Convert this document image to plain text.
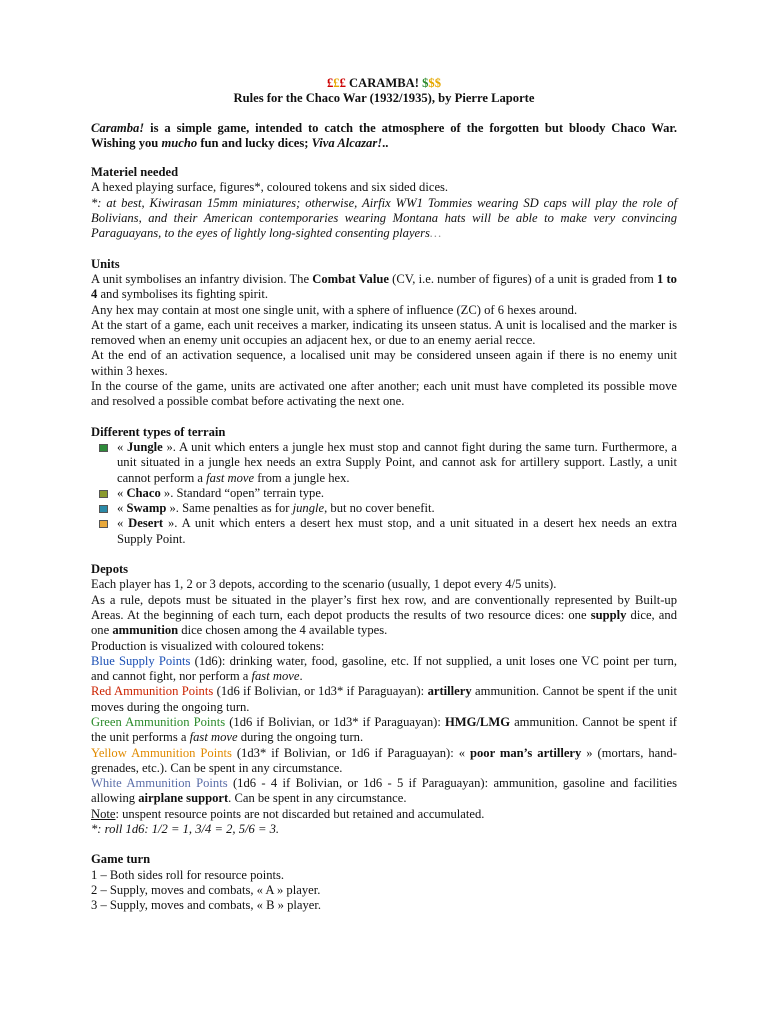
£££ CARAMBA! $$$
Rules for the Chaco War (1932/1935), by Pierre Laporte

Caramba! is a simple game, intended to catch the atmosphere of the forgotten but bloody Chaco War. Wishing you mucho fun and lucky dices; Viva Alcazar!..

Materiel needed

A hexed playing surface, figures*, coloured tokens and six sided dices.

*: at best, Kiwirasan 15mm miniatures; otherwise, Airfix WW1 Tommies wearing SD caps will play the role of Bolivians, and their American contemporaries wearing Montana hats will be able to make very convincing Paraguayans, to the eyes of lightly long-sighted consenting players…

Units

A unit symbolises an infantry division. The Combat Value (CV, i.e. number of figures) of a unit is graded from 1 to 4 and symbolises its fighting spirit.

Any hex may contain at most one single unit, with a sphere of influence (ZC) of 6 hexes around.

At the start of a game, each unit receives a marker, indicating its unseen status. A unit is localised and the marker is removed when an enemy unit occupies an adjacent hex, or due to an enemy aerial recce.

At the end of an activation sequence, a localised unit may be considered unseen again if there is no enemy unit within 3 hexes.

In the course of the game, units are activated one after another; each unit must have completed its possible move and resolved a possible combat before activating the next one.

Different types of terrain
« Jungle ». A unit which enters a jungle hex must stop and cannot fight during the same turn. Furthermore, a unit situated in a jungle hex needs an extra Supply Point, and cannot ask for artillery support. Lastly, a unit cannot perform a fast move from a jungle hex.
« Chaco ». Standard “open” terrain type.
« Swamp ». Same penalties as for jungle, but no cover benefit.
« Desert ». A unit which enters a desert hex must stop, and a unit situated in a desert hex needs an extra Supply Point.
Depots

Each player has 1, 2 or 3 depots, according to the scenario (usually, 1 depot every 4/5 units).

As a rule, depots must be situated in the player’s first hex row, and are conventionally represented by Built-up Areas. At the beginning of each turn, each depot products the results of two resource dices: one supply dice, and one ammunition dice chosen among the 4 available types.

Production is visualized with coloured tokens:

Blue Supply Points (1d6): drinking water, food, gasoline, etc. If not supplied, a unit loses one VC point per turn, and cannot fight, nor perform a fast move.

Red Ammunition Points (1d6 if Bolivian, or 1d3* if Paraguayan): artillery ammunition. Cannot be spent if the unit moves during the ongoing turn.

Green Ammunition Points (1d6 if Bolivian, or 1d3* if Paraguayan): HMG/LMG ammunition. Cannot be spent if the unit performs a fast move during the ongoing turn.

Yellow Ammunition Points (1d3* if Bolivian, or 1d6 if Paraguayan): « poor man’s artillery » (mortars, hand-grenades, etc.). Can be spent in any circumstance.

White Ammunition Points (1d6 - 4 if Bolivian, or 1d6 - 5 if Paraguayan): ammunition, gasoline and facilities allowing airplane support. Can be spent in any circumstance.

Note: unspent resource points are not discarded but retained and accumulated.

*: roll 1d6: 1/2 = 1, 3/4 = 2, 5/6 = 3.

Game turn

1 – Both sides roll for resource points.

2 – Supply, moves and combats, « A » player.

3 – Supply, moves and combats, « B » player.
